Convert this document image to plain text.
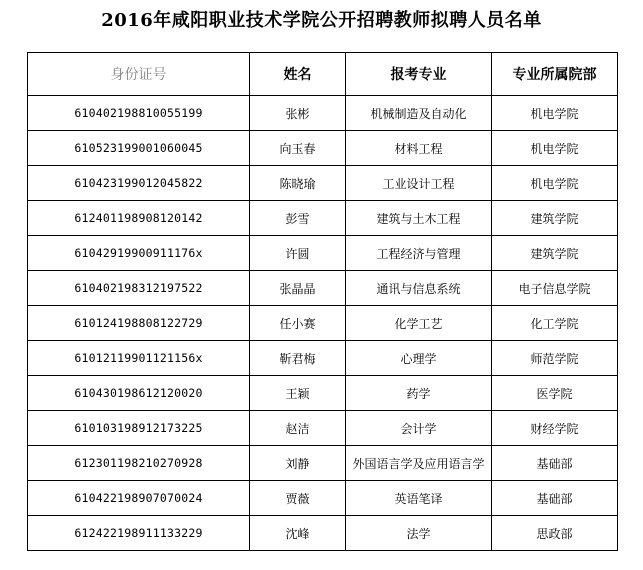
2016年咸阳职业技术学院公开招聘教师拟聘人员名单
身份证号	姓名	报考专业	专业所属院部
610402198810055199	张彬	机械制造及自动化	机电学院
610523199001060045	向玉春	材料工程	机电学院
610423199012045822	陈晓瑜	工业设计工程	机电学院
612401198908120142	彭雪	建筑与土木工程	建筑学院
61042919900911176x	许圆	工程经济与管理	建筑学院
610402198312197522	张晶晶	通讯与信息系统	电子信息学院
610124198808122729	任小赛	化学工艺	化工学院
61012119901121156x	靳君梅	心理学	师范学院
610430198612120020	王颖	药学	医学院
610103198912173225	赵洁	会计学	财经学院
612301198210270928	刘静	外国语言学及应用语言学	基础部
610422198907070024	贾薇	英语笔译	基础部
612422198911133229	沈峰	法学	思政部
